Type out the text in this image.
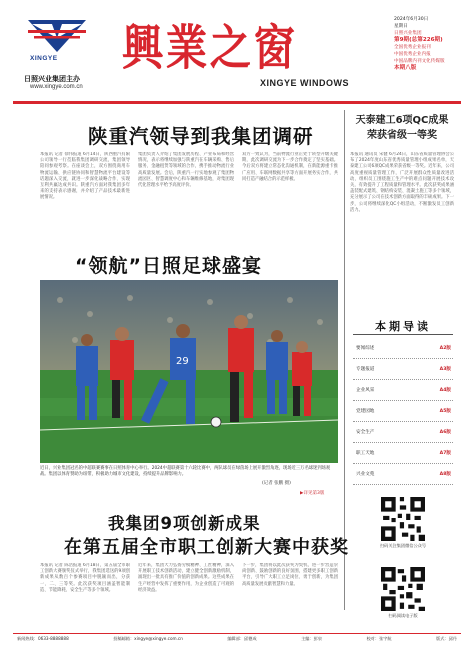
XINGYE
日照兴业集团主办
www.xingye.com.cn
興業之窗
XINGYE WINDOWS
2024年6月30日
星期日
日照兴业集团
第9期(总第226期)
全国优秀企业报刊
中国优秀企业内报
中国品牌内刊文化传媒版
本期八版
陕重汽领导到我集团调研
本报讯 记者 徐伟报道 6月14日，陕西重汽有限公司领导一行莅临我集团调研交流，集团领导陪同参观考察。在座谈会上，双方围绕商用车物流运输、供应链协同和智慧物流平台建设等话题深入交流，就进一步深化战略合作、实现互利共赢达成共识。陕重汽方面对我集团多年来的支持表示感谢，并介绍了产品技术最新进展情况。
集团负责人介绍了集团发展历程、产业布局和经营情况，表示将继续加强与陕重汽在车辆采购、售后服务、金融租赁等领域的合作，携手推动物流行业高质量发展。会后，陕重汽一行实地参观了集团物流园区、智慧调度中心和车辆维修基地，对集团现代化管理水平给予高度评价。
双方一致认为，当前物流行业正处于转型升级关键期，此次调研交流为下一步合作奠定了坚实基础。今后双方将建立常态化沟通机制，在新能源重卡推广应用、车联网数据共享等方面开展务实合作，共同打造产融结合的示范样板。
天泰建工6项QC成果
荣获省级一等奖
本报讯 通讯员 宋健 6月24日，山东省质量管理协会公布了2024年度山东省优秀质量管理小组成果名单，天泰建工公司6项QC成果荣获省级一等奖。近年来，公司高度重视质量管理工作，广泛开展群众性质量改进活动，组织员工围绕施工生产中的难点问题开展技术攻关，有效提升了工程质量和管理水平。此次获奖成果涵盖装配式建筑、钢结构安装、混凝土施工等多个领域，充分展示了公司在技术创新方面取得的丰硕成果。下一步，公司将继续深化QC小组活动，不断激发员工创新活力。
“领航”日照足球盛宴
29
近日，兴业集团冠名的中超联赛赛事在日照体育中心举行。2024中超联赛第十六轮比赛中，两队球员在绿茵场上展开激烈角逐，现场近三万名球迷到场观战。集团以体育赞助为纽带，积极助力城市文化建设，持续提升品牌影响力。
(记者 张鹏 摄)
▶详见第3版
我集团9项创新成果
在第五届全市职工创新大赛中获奖
本报讯 记者 陈浩报道 6月18日，第五届全市职工创新大赛颁奖仪式举行，我集团选送的9项创新成果从数百个参赛项目中脱颖而出，分获一、二、三等奖。此次获奖项目涵盖智能制造、节能降耗、安全生产等多个领域。
近年来，集团大力弘扬劳模精神、工匠精神，深入开展职工技术创新活动，建立健全创新激励机制，涌现出一批具有推广价值的创新成果。这些成果在生产经营中发挥了重要作用，为企业创造了可观的经济效益。
下一步，集团将以此次获奖为契机，进一步营造崇尚创新、鼓励创新的良好氛围，搭建更多职工创新平台，引导广大职工立足岗位、勇于创新，为集团高质量发展贡献智慧和力量。
本期导读
要闻综述	A2版
专题报道	A3版
企业风采	A4版
党建园地	A5版
安全生产	A6版
职工天地	A7版
兴业文苑	A8版
扫码关注集团微信公众号
扫码阅读电子版
新闻热线：0633-8888888	投稿邮箱：xingye@xingye.com.cn	编辑部：邱德成	主编：彭泉	校对：张宇航	版式：邱丹
